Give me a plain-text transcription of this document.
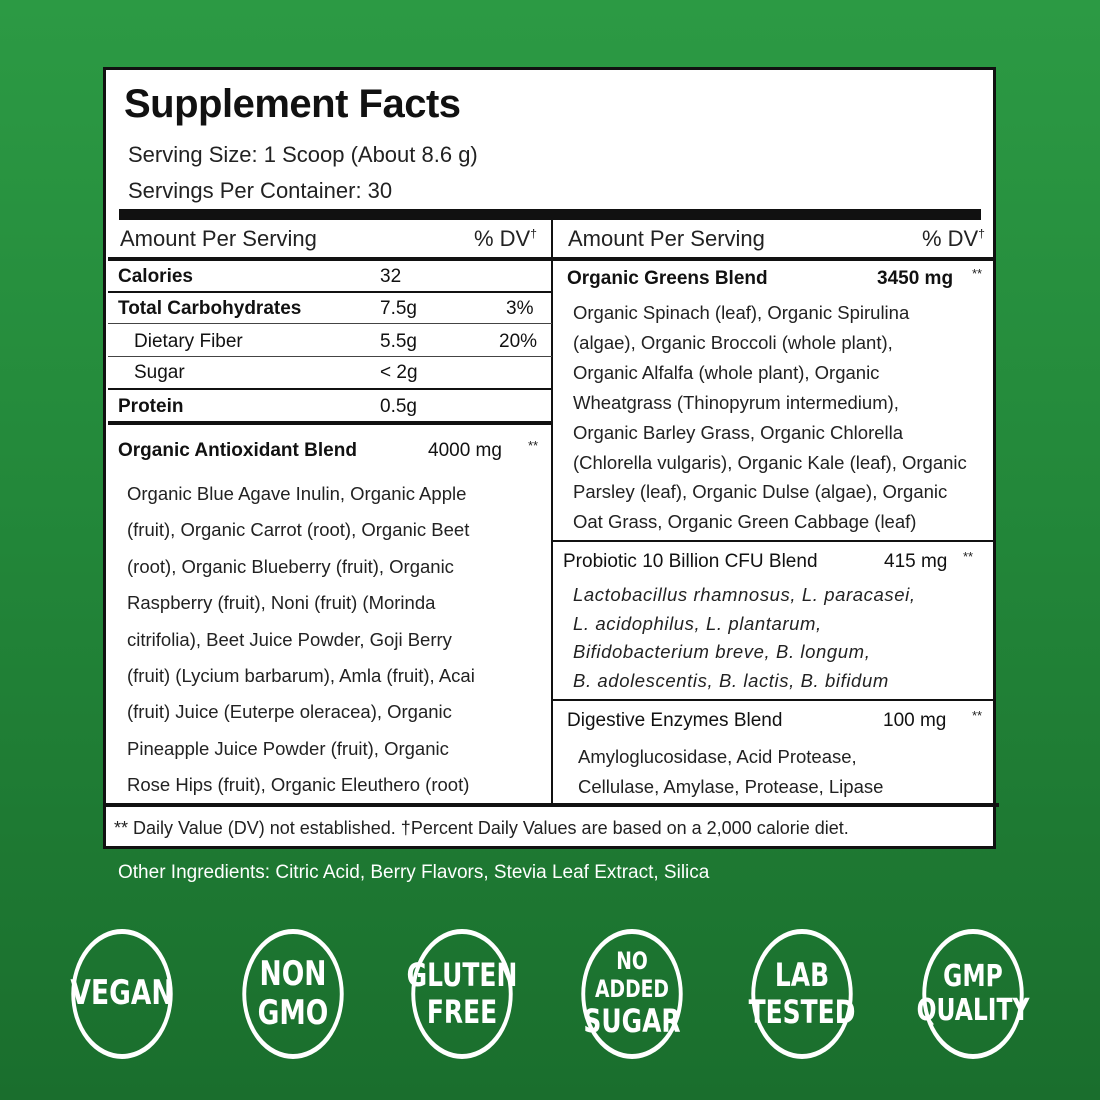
Supplement Facts
Serving Size: 1 Scoop (About 8.6 g)
Servings Per Container: 30
Amount Per Serving	% DV† Amount Per Serving	% DV†
Calories	32
Total Carbohydrates	7.5g	3%
Dietary Fiber	5.5g	20%
Sugar	< 2g
Protein	0.5g
Organic Antioxidant Blend	4000 mg **
Organic Blue Agave Inulin, Organic Apple
(fruit), Organic Carrot (root), Organic Beet
(root), Organic Blueberry (fruit), Organic
Raspberry (fruit), Noni (fruit) (Morinda
citrifolia), Beet Juice Powder, Goji Berry
(fruit) (Lycium barbarum), Amla (fruit), Acai
(fruit) Juice (Euterpe oleracea), Organic
Pineapple Juice Powder (fruit), Organic
Rose Hips (fruit), Organic Eleuthero (root)
Organic Greens Blend	3450 mg **
Organic Spinach (leaf), Organic Spirulina
(algae), Organic Broccoli (whole plant),
Organic Alfalfa (whole plant), Organic
Wheatgrass (Thinopyrum intermedium),
Organic Barley Grass, Organic Chlorella
(Chlorella vulgaris), Organic Kale (leaf), Organic
Parsley (leaf), Organic Dulse (algae), Organic
Oat Grass, Organic Green Cabbage (leaf)
Probiotic 10 Billion CFU Blend	415 mg **
Lactobacillus rhamnosus, L. paracasei,
L. acidophilus, L. plantarum,
Bifidobacterium breve, B. longum,
B. adolescentis, B. lactis, B. bifidum
Digestive Enzymes Blend	100 mg **
Amyloglucosidase, Acid Protease,
Cellulase, Amylase, Protease, Lipase
** Daily Value (DV) not established. †Percent Daily Values are based on a 2,000 calorie diet.
Other Ingredients: Citric Acid, Berry Flavors, Stevia Leaf Extract, Silica
VEGAN	NON
GMO
GLUTEN
FREE
NO ADDED
SUGAR
LAB
TESTED
GMP
QUALITY
